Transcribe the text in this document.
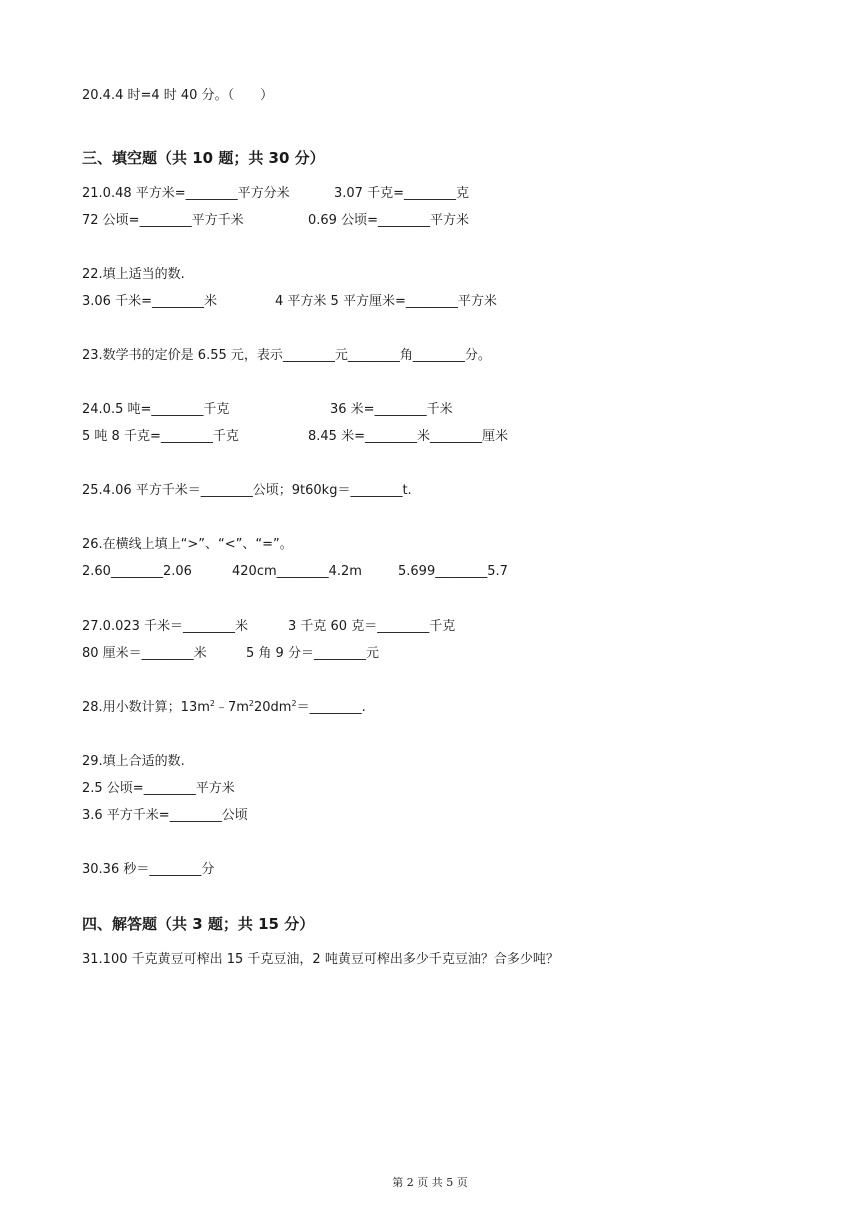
20.4.4 时=4 时 40 分。（　　）
三、填空题（共 10 题；共 30 分）
21.0.48 平方米=________平方分米	3.07 千克=________克
72 公顷=________平方千米	0.69 公顷=________平方米
22.填上适当的数.
3.06 千米=________米	4 平方米 5 平方厘米=________平方米
23.数学书的定价是 6.55 元，表示________元________角________分。
24.0.5 吨=________千克	36 米=________千米
5 吨 8 千克=________千克	8.45 米=________米________厘米
25.4.06 平方千米＝________公顷；9t60kg＝________t.
26.在横线上填上“>”、“<”、“=”。
2.60________2.06	420cm________4.2m	5.699________5.7
27.0.023 千米＝________米	3 千克 60 克＝________千克
80 厘米＝________米	5 角 9 分＝________元
28.用小数计算；$13m^2﹣7m^220dm^2=\_\_\_\_\_\_\_\_$.
29.填上合适的数.
2.5 公顷=________平方米
3.6 平方千米=________公顷
30.36 秒＝________分
四、解答题（共 3 题；共 15 分）
31.100 千克黄豆可榨出 15 千克豆油，2 吨黄豆可榨出多少千克豆油？合多少吨？
第 2 页 共 5 页
